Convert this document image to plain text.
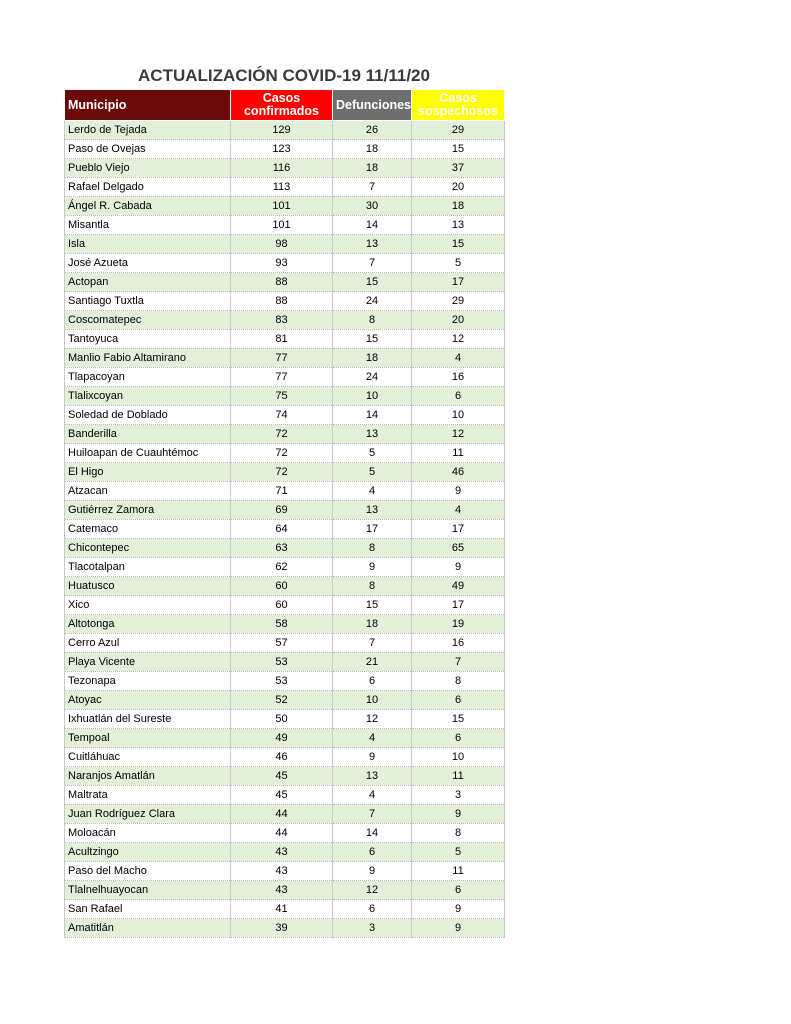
ACTUALIZACIÓN COVID-19 11/11/20
Municipio	Casos confirmados	Defunciones	Casos sospechosos
Lerdo de Tejada	129	26	29
Paso de Ovejas	123	18	15
Pueblo Viejo	116	18	37
Rafael Delgado	113	7	20
Ángel R. Cabada	101	30	18
Misantla	101	14	13
Isla	98	13	15
José Azueta	93	7	5
Actopan	88	15	17
Santiago Tuxtla	88	24	29
Coscomatepec	83	8	20
Tantoyuca	81	15	12
Manlio Fabio Altamirano	77	18	4
Tlapacoyan	77	24	16
Tlalixcoyan	75	10	6
Soledad de Doblado	74	14	10
Banderilla	72	13	12
Huiloapan de Cuauhtémoc	72	5	11
El Higo	72	5	46
Atzacan	71	4	9
Gutiérrez Zamora	69	13	4
Catemaco	64	17	17
Chicontepec	63	8	65
Tlacotalpan	62	9	9
Huatusco	60	8	49
Xico	60	15	17
Altotonga	58	18	19
Cerro Azul	57	7	16
Playa Vicente	53	21	7
Tezonapa	53	6	8
Atoyac	52	10	6
Ixhuatlán del Sureste	50	12	15
Tempoal	49	4	6
Cuitláhuac	46	9	10
Naranjos Amatlán	45	13	11
Maltrata	45	4	3
Juan Rodríguez Clara	44	7	9
Moloacán	44	14	8
Acultzingo	43	6	5
Paso del Macho	43	9	11
Tlalnelhuayocan	43	12	6
San Rafael	41	6	9
Amatitlán	39	3	9
